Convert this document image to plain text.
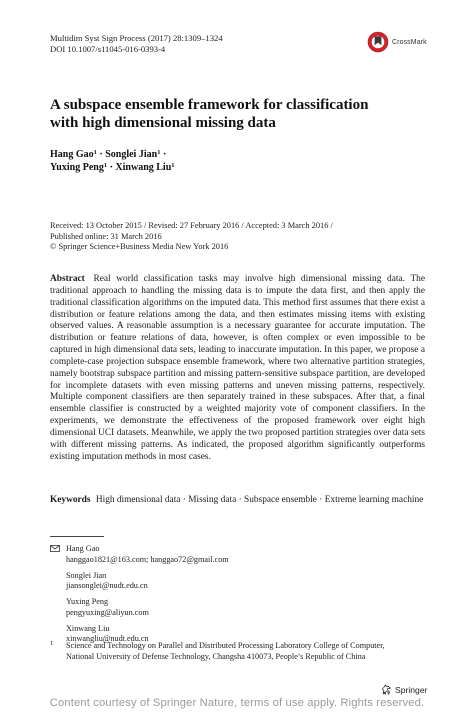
Multidim Syst Sign Process (2017) 28:1309–1324
DOI 10.1007/s11045-016-0393-4
CrossMark
A subspace ensemble framework for classification
with high dimensional missing data
Hang Gao$^1$ · Songlei Jian$^1$ ·
Yuxing Peng$^1$ · Xinwang Liu$^1$
Received: 13 October 2015 / Revised: 27 February 2016 / Accepted: 3 March 2016 /
Published online: 31 March 2016
© Springer Science+Business Media New York 2016
Abstract Real world classification tasks may involve high dimensional missing data. The traditional approach to handling the missing data is to impute the data first, and then apply the traditional classification algorithms on the imputed data. This method first assumes that there exist a distribution or feature relations among the data, and then estimates missing items with existing observed values. A reasonable assumption is a necessary guarantee for accurate imputation. The distribution or feature relations of data, however, is often complex or even impossible to be captured in high dimensional data sets, leading to inaccurate imputation. In this paper, we propose a complete-case projection subspace ensemble framework, where two alternative partition strategies, namely bootstrap subspace partition and missing pattern-sensitive subspace partition, are developed for incomplete datasets with even missing patterns and uneven missing patterns, respectively. Multiple component classifiers are then separately trained in these subspaces. After that, a final ensemble classifier is constructed by a weighted majority vote of component classifiers. In the experiments, we demonstrate the effectiveness of the proposed framework over eight high dimensional UCI datasets. Meanwhile, we apply the two proposed partition strategies over data sets with different missing patterns. As indicated, the proposed algorithm significantly outperforms existing imputation methods in most cases.
Keywords High dimensional data · Missing data · Subspace ensemble · Extreme learning machine
Hang Gao
hanggao1821@163.com; hanggao72@gmail.com
Songlei Jian
jiansonglei@nudt.edu.cn
Yuxing Peng
pengyuxing@aliyun.com
Xinwang Liu
xinwangliu@nudt.edu.cn
1 Science and Technology on Parallel and Distributed Processing Laboratory College of Computer,
National University of Defense Technology, Changsha 410073, People’s Republic of China
Springer
Content courtesy of Springer Nature, terms of use apply. Rights reserved.
